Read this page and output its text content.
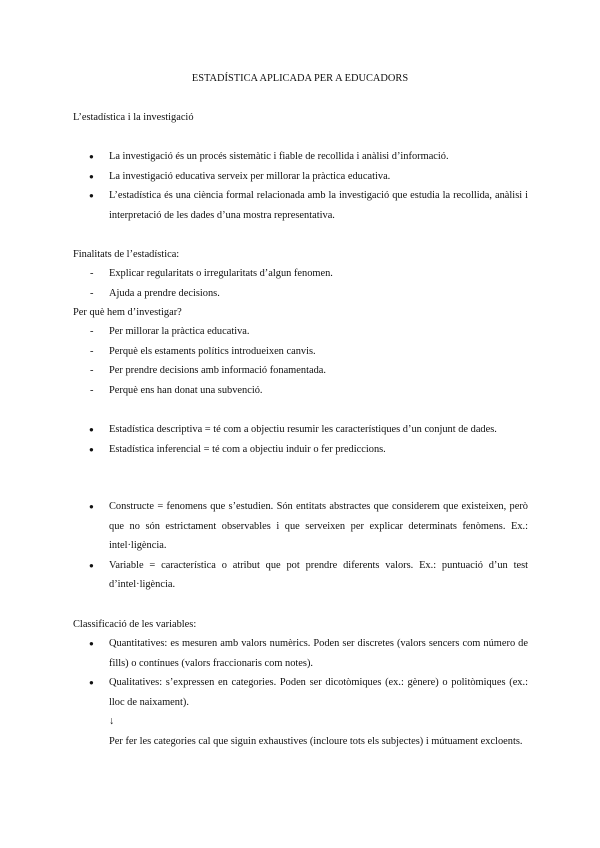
ESTADÍSTICA APLICADA PER A EDUCADORS
L’estadística i la investigació
● La investigació és un procés sistemàtic i fiable de recollida i anàlisi d’informació.
● La investigació educativa serveix per millorar la pràctica educativa.
● L’estadística és una ciència formal relacionada amb la investigació que estudia la recollida, anàlisi i interpretació de les dades d’una mostra representativa.
Finalitats de l’estadística:
- Explicar regularitats o irregularitats d’algun fenomen.
- Ajuda a prendre decisions.
Per què hem d’investigar?
- Per millorar la pràctica educativa.
- Perquè els estaments polítics introdueixen canvis.
- Per prendre decisions amb informació fonamentada.
- Perquè ens han donat una subvenció.
● Estadística descriptiva = té com a objectiu resumir les característiques d’un conjunt de dades.
● Estadística inferencial = té com a objectiu induir o fer prediccions.
● Constructe = fenomens que s’estudien. Són entitats abstractes que considerem que existeixen, però que no són estrictament observables i que serveixen per explicar determinats fenòmens. Ex.: intel·ligència.
● Variable = característica o atribut que pot prendre diferents valors. Ex.: puntuació d’un test d’intel·ligència.
Classificació de les variables:
● Quantitatives: es mesuren amb valors numèrics. Poden ser discretes (valors sencers com número de fills) o contínues (valors fraccionaris com notes).
● Qualitatives: s’expressen en categories. Poden ser dicotòmiques (ex.: gènere) o politòmiques (ex.: lloc de naixament).
↓
Per fer les categories cal que siguin exhaustives (incloure tots els subjectes) i mútuament excloents.
